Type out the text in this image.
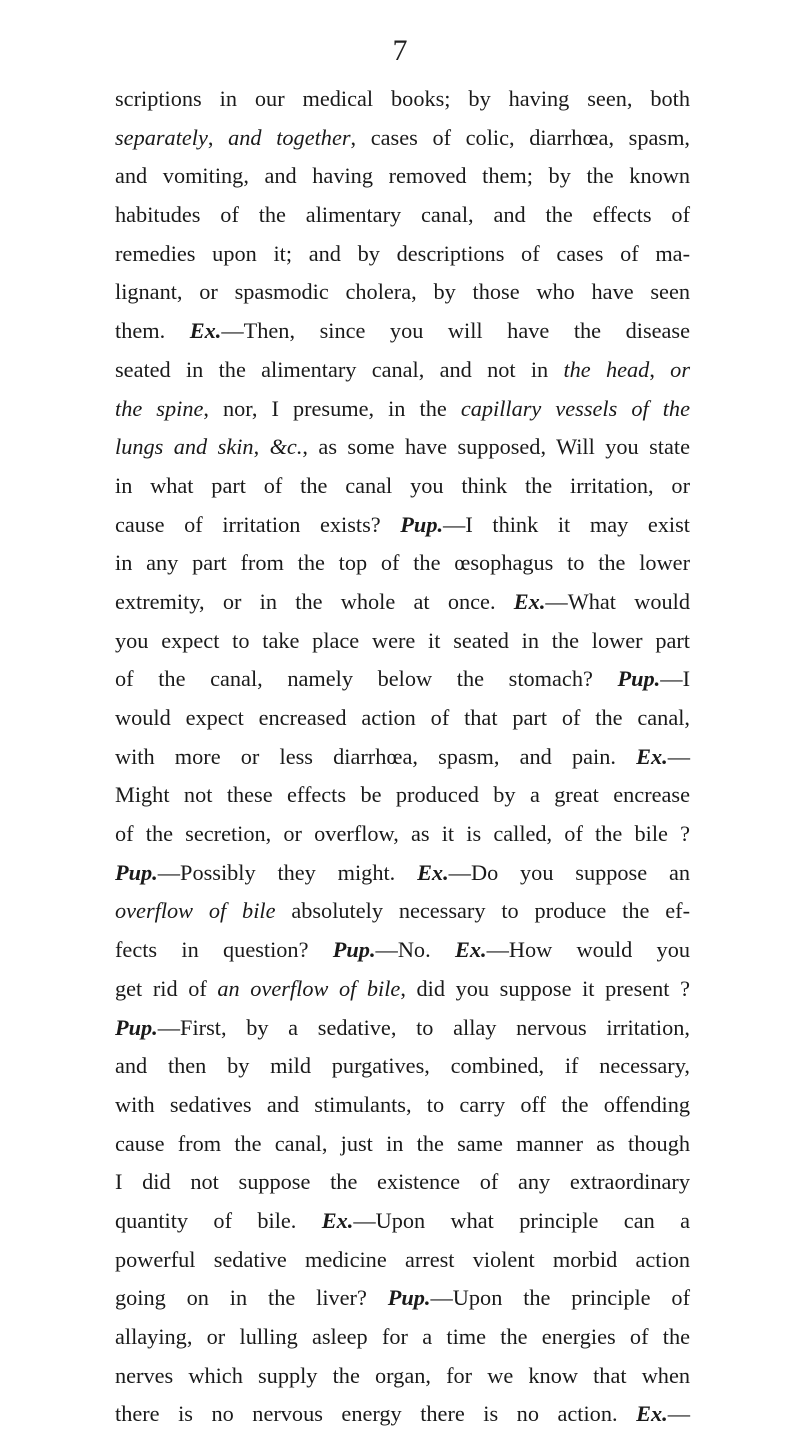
7
scriptions in our medical books; by having seen, both
separately, and together, cases of colic, diarrhœa, spasm,
and vomiting, and having removed them; by the known
habitudes of the alimentary canal, and the effects of
remedies upon it; and by descriptions of cases of ma-
lignant, or spasmodic cholera, by those who have seen
them. Ex.—Then, since you will have the disease
seated in the alimentary canal, and not in the head, or
the spine, nor, I presume, in the capillary vessels of the
lungs and skin, &c., as some have supposed, Will you state
in what part of the canal you think the irritation, or
cause of irritation exists? Pup.—I think it may exist
in any part from the top of the œsophagus to the lower
extremity, or in the whole at once. Ex.—What would
you expect to take place were it seated in the lower part
of the canal, namely below the stomach? Pup.—I
would expect encreased action of that part of the canal,
with more or less diarrhœa, spasm, and pain. Ex.—
Might not these effects be produced by a great encrease
of the secretion, or overflow, as it is called, of the bile ?
Pup.—Possibly they might. Ex.—Do you suppose an
overflow of bile absolutely necessary to produce the ef-
fects in question? Pup.—No. Ex.—How would you
get rid of an overflow of bile, did you suppose it present ?
Pup.—First, by a sedative, to allay nervous irritation,
and then by mild purgatives, combined, if necessary,
with sedatives and stimulants, to carry off the offending
cause from the canal, just in the same manner as though
I did not suppose the existence of any extraordinary
quantity of bile. Ex.—Upon what principle can a
powerful sedative medicine arrest violent morbid action
going on in the liver? Pup.—Upon the principle of
allaying, or lulling asleep for a time the energies of the
nerves which supply the organ, for we know that when
there is no nervous energy there is no action. Ex.—
